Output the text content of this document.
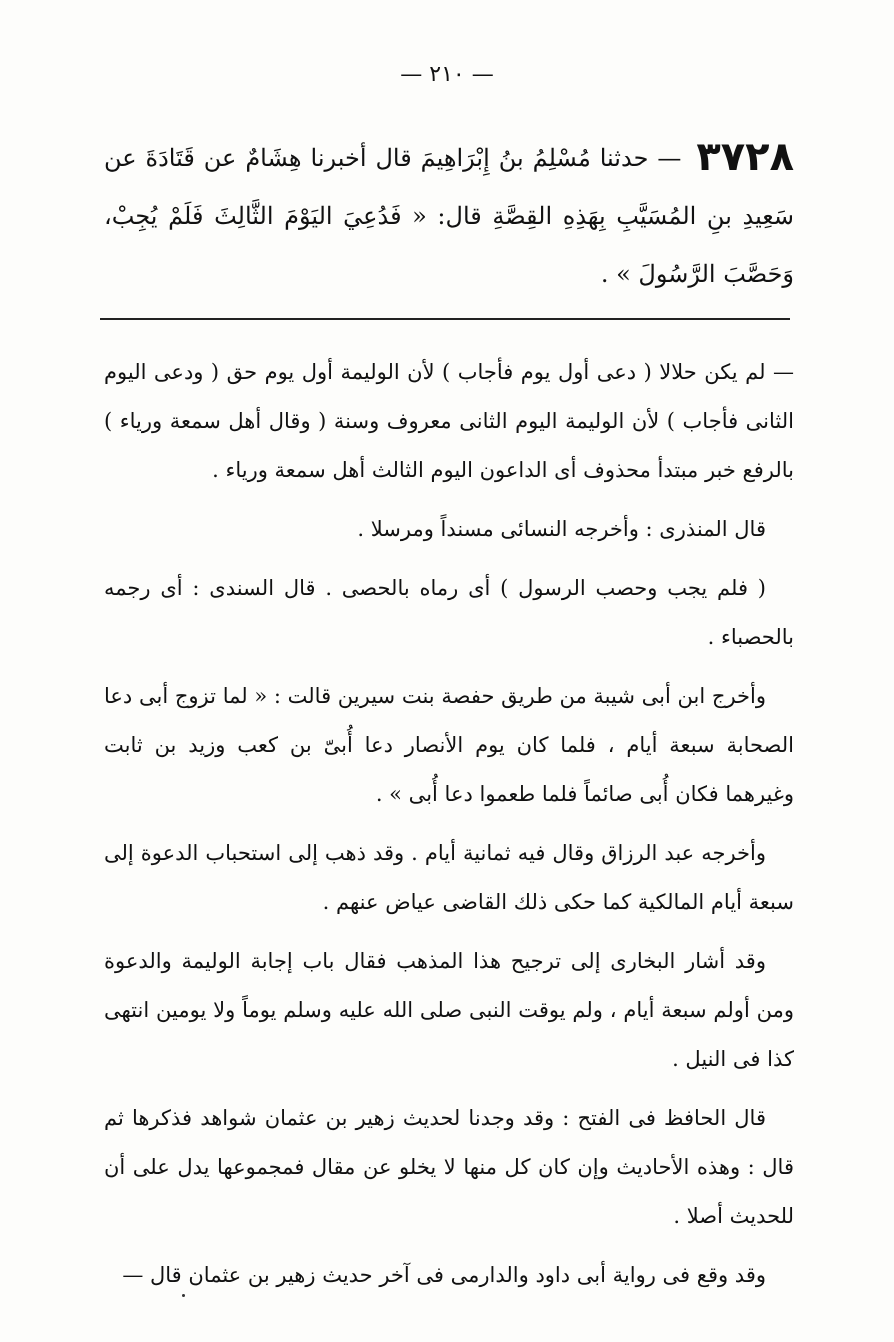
— ٢١٠ —
٣٧٢٨ — حدثنا مُسْلِمُ بنُ إِبْرَاهِيمَ قال أخبرنا هِشَامٌ عن قَتَادَةَ عن سَعِيدِ بنِ المُسَيَّبِ بِهَذِهِ القِصَّةِ قال: « فَدُعِيَ اليَوْمَ الثَّالِثَ فَلَمْ يُجِبْ، وَحَصَّبَ الرَّسُولَ » .

— لم يكن حلالا ( دعى أول يوم فأجاب ) لأن الوليمة أول يوم حق ( ودعى اليوم الثانى فأجاب ) لأن الوليمة اليوم الثانى معروف وسنة ( وقال أهل سمعة ورياء ) بالرفع خبر مبتدأ محذوف أى الداعون اليوم الثالث أهل سمعة ورياء .

قال المنذرى : وأخرجه النسائى مسنداً ومرسلا .

( فلم يجب وحصب الرسول ) أى رماه بالحصى . قال السندى : أى رجمه بالحصباء .

وأخرج ابن أبى شيبة من طريق حفصة بنت سيرين قالت : « لما تزوج أبى دعا الصحابة سبعة أيام ، فلما كان يوم الأنصار دعا أُبىّ بن كعب وزيد بن ثابت وغيرهما فكان أُبى صائماً فلما طعموا دعا أُبى » .

وأخرجه عبد الرزاق وقال فيه ثمانية أيام . وقد ذهب إلى استحباب الدعوة إلى سبعة أيام المالكية كما حكى ذلك القاضى عياض عنهم .

وقد أشار البخارى إلى ترجيح هذا المذهب فقال باب إجابة الوليمة والدعوة ومن أولم سبعة أيام ، ولم يوقت النبى صلى الله عليه وسلم يوماً ولا يومين انتهى كذا فى النيل .

قال الحافظ فى الفتح : وقد وجدنا لحديث زهير بن عثمان شواهد فذكرها ثم قال : وهذه الأحاديث وإن كان كل منها لا يخلو عن مقال فمجموعها يدل على أن للحديث أصلا .

وقد وقع فى رواية أبى داود والدارمى فى آخر حديث زهير بن عثمان قال —
